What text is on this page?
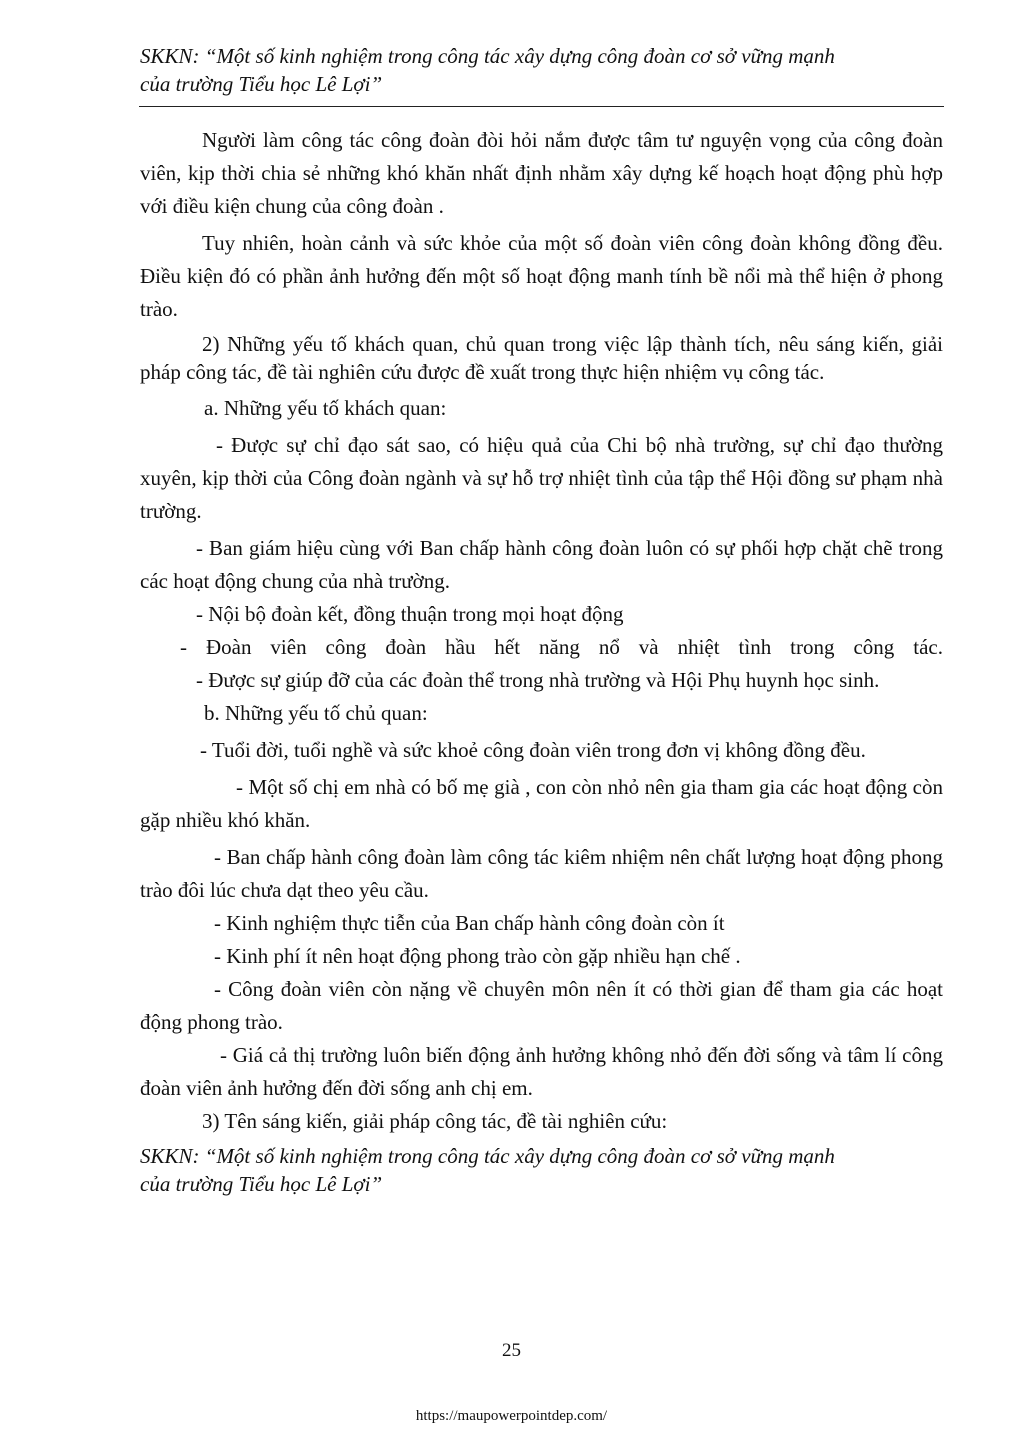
SKKN: “Một số kinh nghiệm trong công tác xây dựng công đoàn cơ sở vững mạnh
của trường Tiểu học Lê Lợi”

Người làm công tác công đoàn đòi hỏi nắm được tâm tư nguyện vọng của công đoàn viên, kịp thời chia sẻ những khó khăn nhất định nhằm xây dựng kế hoạch hoạt động phù hợp với điều kiện chung của công đoàn .

Tuy nhiên, hoàn cảnh và sức khỏe của một số đoàn viên công đoàn không đồng đều. Điều kiện đó có phần ảnh hưởng đến một số hoạt động manh tính bề nổi mà thể hiện ở phong trào.

2) Những yếu tố khách quan, chủ quan trong việc lập thành tích, nêu sáng kiến, giải pháp công tác, đề tài nghiên cứu được đề xuất trong thực hiện nhiệm vụ công tác.

a. Những yếu tố khách quan:

- Được sự chỉ đạo sát sao, có hiệu quả của Chi bộ nhà trường, sự chỉ đạo thường xuyên, kịp thời của Công đoàn ngành và sự hỗ trợ nhiệt tình của tập thể Hội đồng sư phạm nhà trường.

- Ban giám hiệu cùng với Ban chấp hành công đoàn luôn có sự phối hợp chặt chẽ trong các hoạt động chung của nhà trường.

- Nội bộ đoàn kết, đồng thuận trong mọi hoạt động

- Đoàn viên công đoàn hầu hết năng nổ và nhiệt tình trong công tác.

- Được sự giúp đỡ của các đoàn thể trong nhà trường và Hội Phụ huynh học sinh.

b. Những yếu tố chủ quan:

- Tuổi đời, tuổi nghề và sức khoẻ công đoàn viên trong đơn vị không đồng đều.

- Một số chị em nhà có bố mẹ già , con còn nhỏ nên gia tham gia các hoạt động còn gặp nhiều khó khăn.

- Ban chấp hành công đoàn làm công tác kiêm nhiệm nên chất lượng hoạt động phong trào đôi lúc chưa dạt theo yêu cầu.

- Kinh nghiệm thực tiễn của Ban chấp hành công đoàn còn ít

- Kinh phí ít nên hoạt động phong trào còn gặp nhiều hạn chế .

- Công đoàn viên còn nặng về chuyên môn nên ít có thời gian để tham gia các hoạt động phong trào.

- Giá cả thị trường luôn biến động ảnh hưởng không nhỏ đến đời sống và tâm lí công đoàn viên ảnh hưởng đến đời sống anh chị em.

3) Tên sáng kiến, giải pháp công tác, đề tài nghiên cứu:

SKKN: “Một số kinh nghiệm trong công tác xây dựng công đoàn cơ sở vững mạnh
của trường Tiểu học Lê Lợi”
25
https://maupowerpointdep.com/
